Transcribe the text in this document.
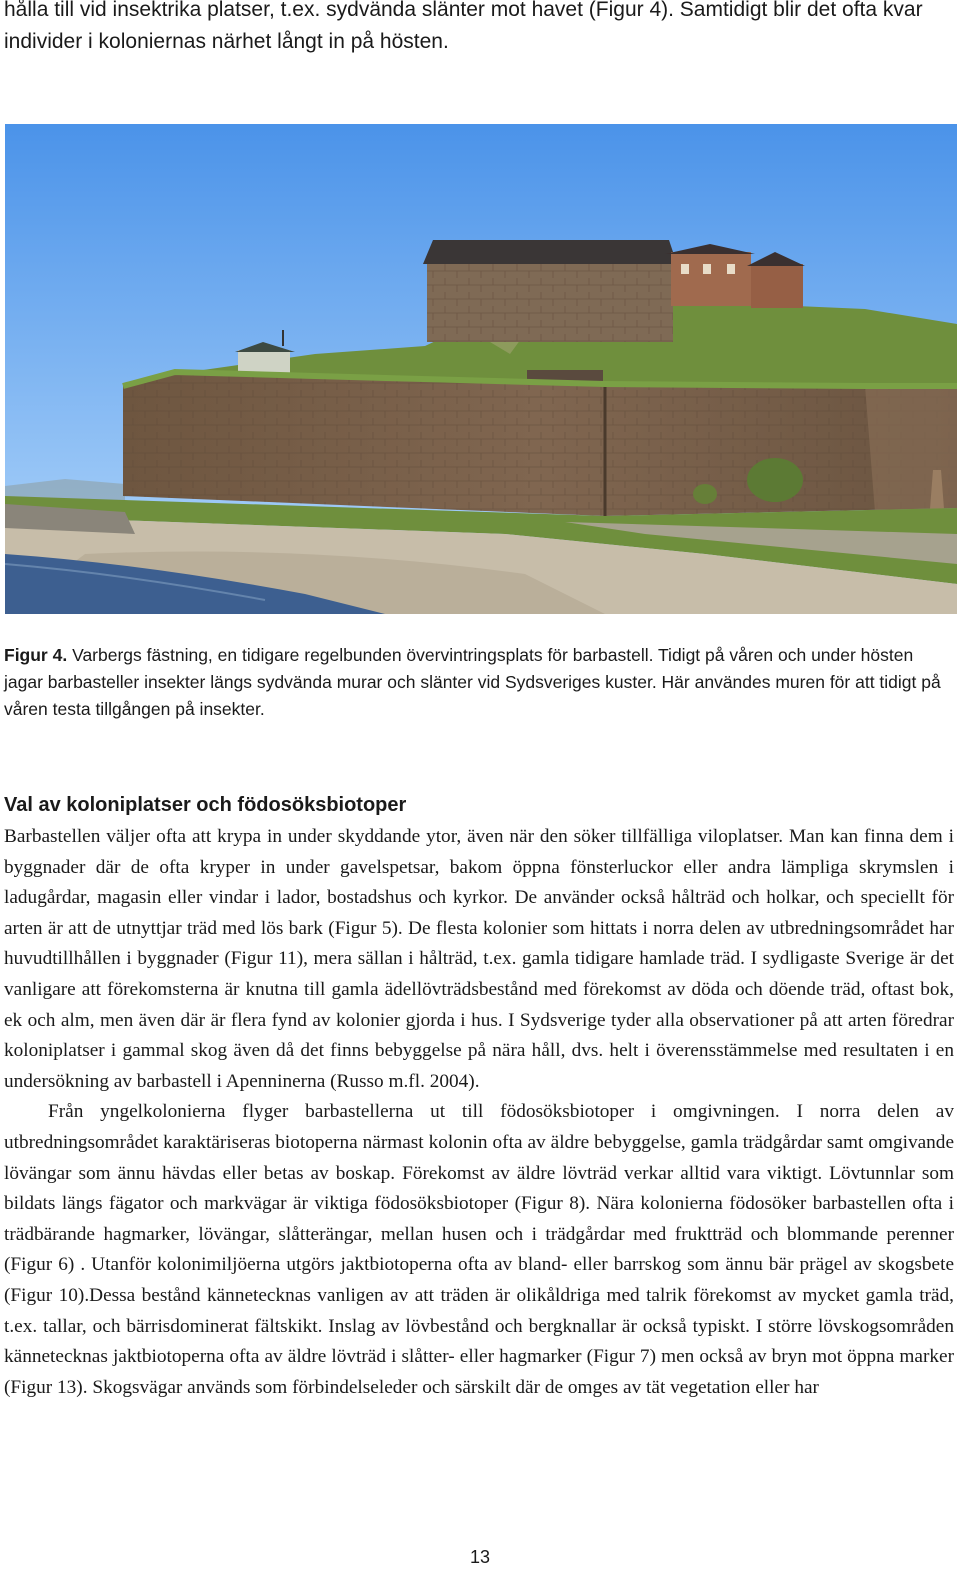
hålla till vid insektrika platser, t.ex. sydvända slänter mot havet (Figur 4). Samtidigt blir det ofta kvar individer i koloniernas närhet långt in på hösten.

Figur 4. Varbergs fästning, en tidigare regelbunden övervintringsplats för barbastell. Tidigt på våren och under hösten jagar barbasteller insekter längs sydvända murar och slänter vid Sydsveriges kuster. Här användes muren för att tidigt på våren testa tillgången på insekter.

Val av koloniplatser och födosöksbiotoper

Barbastellen väljer ofta att krypa in under skyddande ytor, även när den söker tillfälliga viloplatser. Man kan finna dem i byggnader där de ofta kryper in under gavelspetsar, bakom öppna fönsterluckor eller andra lämpliga skrymslen i ladugårdar, magasin eller vindar i lador, bostadshus och kyrkor. De använder också hålträd och holkar, och speciellt för arten är att de utnyttjar träd med lös bark (Figur 5). De flesta kolonier som hittats i norra delen av utbredningsområdet har huvudtillhållen i byggnader (Figur 11), mera sällan i hålträd, t.ex. gamla tidigare hamlade träd. I sydligaste Sverige är det vanligare att förekomsterna är knutna till gamla ädellövträdsbestånd med förekomst av döda och döende träd, oftast bok, ek och alm, men även där är flera fynd av kolonier gjorda i hus. I Sydsverige tyder alla observationer på att arten föredrar koloniplatser i gammal skog även då det finns bebyggelse på nära håll, dvs. helt i överensstämmelse med resultaten i en undersökning av barbastell i Apenninerna (Russo m.fl. 2004).

Från yngelkolonierna flyger barbastellerna ut till födosöksbiotoper i omgivningen. I norra delen av utbredningsområdet karaktäriseras biotoperna närmast kolonin ofta av äldre bebyggelse, gamla trädgårdar samt omgivande lövängar som ännu hävdas eller betas av boskap. Förekomst av äldre lövträd verkar alltid vara viktigt. Lövtunnlar som bildats längs fägator och markvägar är viktiga födosöksbiotoper (Figur 8). Nära kolonierna födosöker barbastellen ofta i trädbärande hagmarker, lövängar, slåtterängar, mellan husen och i trädgårdar med fruktträd och blommande perenner (Figur 6) . Utanför kolonimiljöerna utgörs jaktbiotoperna ofta av bland- eller barrskog som ännu bär prägel av skogsbete (Figur 10).Dessa bestånd kännetecknas vanligen av att träden är olikåldriga med talrik förekomst av mycket gamla träd, t.ex. tallar, och bärrisdominerat fältskikt. Inslag av lövbestånd och bergknallar är också typiskt. I större lövskogsområden kännetecknas jaktbiotoperna ofta av äldre lövträd i slåtter- eller hagmarker (Figur 7) men också av bryn mot öppna marker (Figur 13). Skogsvägar används som förbindelseleder och särskilt där de omges av tät vegetation eller har

13
